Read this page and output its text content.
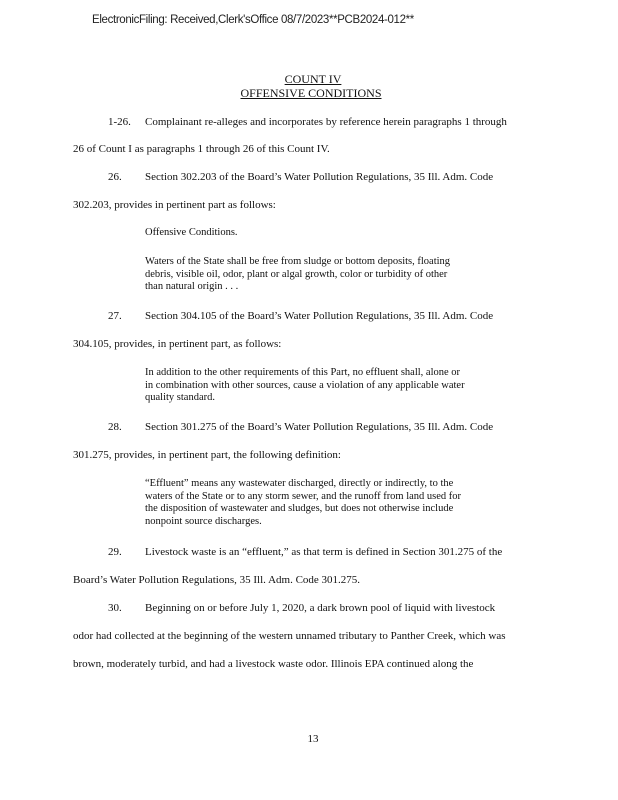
ElectronicFiling: Received,Clerk'sOffice 08/7/2023**PCB2024-012**
COUNT IV
OFFENSIVE CONDITIONS
1-26. Complainant re-alleges and incorporates by reference herein paragraphs 1 through
26 of Count I as paragraphs 1 through 26 of this Count IV.
26. Section 302.203 of the Board’s Water Pollution Regulations, 35 Ill. Adm. Code
302.203, provides in pertinent part as follows:
Offensive Conditions.
Waters of the State shall be free from sludge or bottom deposits, floating
debris, visible oil, odor, plant or algal growth, color or turbidity of other
than natural origin . . .
27. Section 304.105 of the Board’s Water Pollution Regulations, 35 Ill. Adm. Code
304.105, provides, in pertinent part, as follows:
In addition to the other requirements of this Part, no effluent shall, alone or
in combination with other sources, cause a violation of any applicable water
quality standard.
28. Section 301.275 of the Board’s Water Pollution Regulations, 35 Ill. Adm. Code
301.275, provides, in pertinent part, the following definition:
“Effluent” means any wastewater discharged, directly or indirectly, to the
waters of the State or to any storm sewer, and the runoff from land used for
the disposition of wastewater and sludges, but does not otherwise include
nonpoint source discharges.
29. Livestock waste is an “effluent,” as that term is defined in Section 301.275 of the
Board’s Water Pollution Regulations, 35 Ill. Adm. Code 301.275.
30. Beginning on or before July 1, 2020, a dark brown pool of liquid with livestock
odor had collected at the beginning of the western unnamed tributary to Panther Creek, which was
brown, moderately turbid, and had a livestock waste odor. Illinois EPA continued along the
13
